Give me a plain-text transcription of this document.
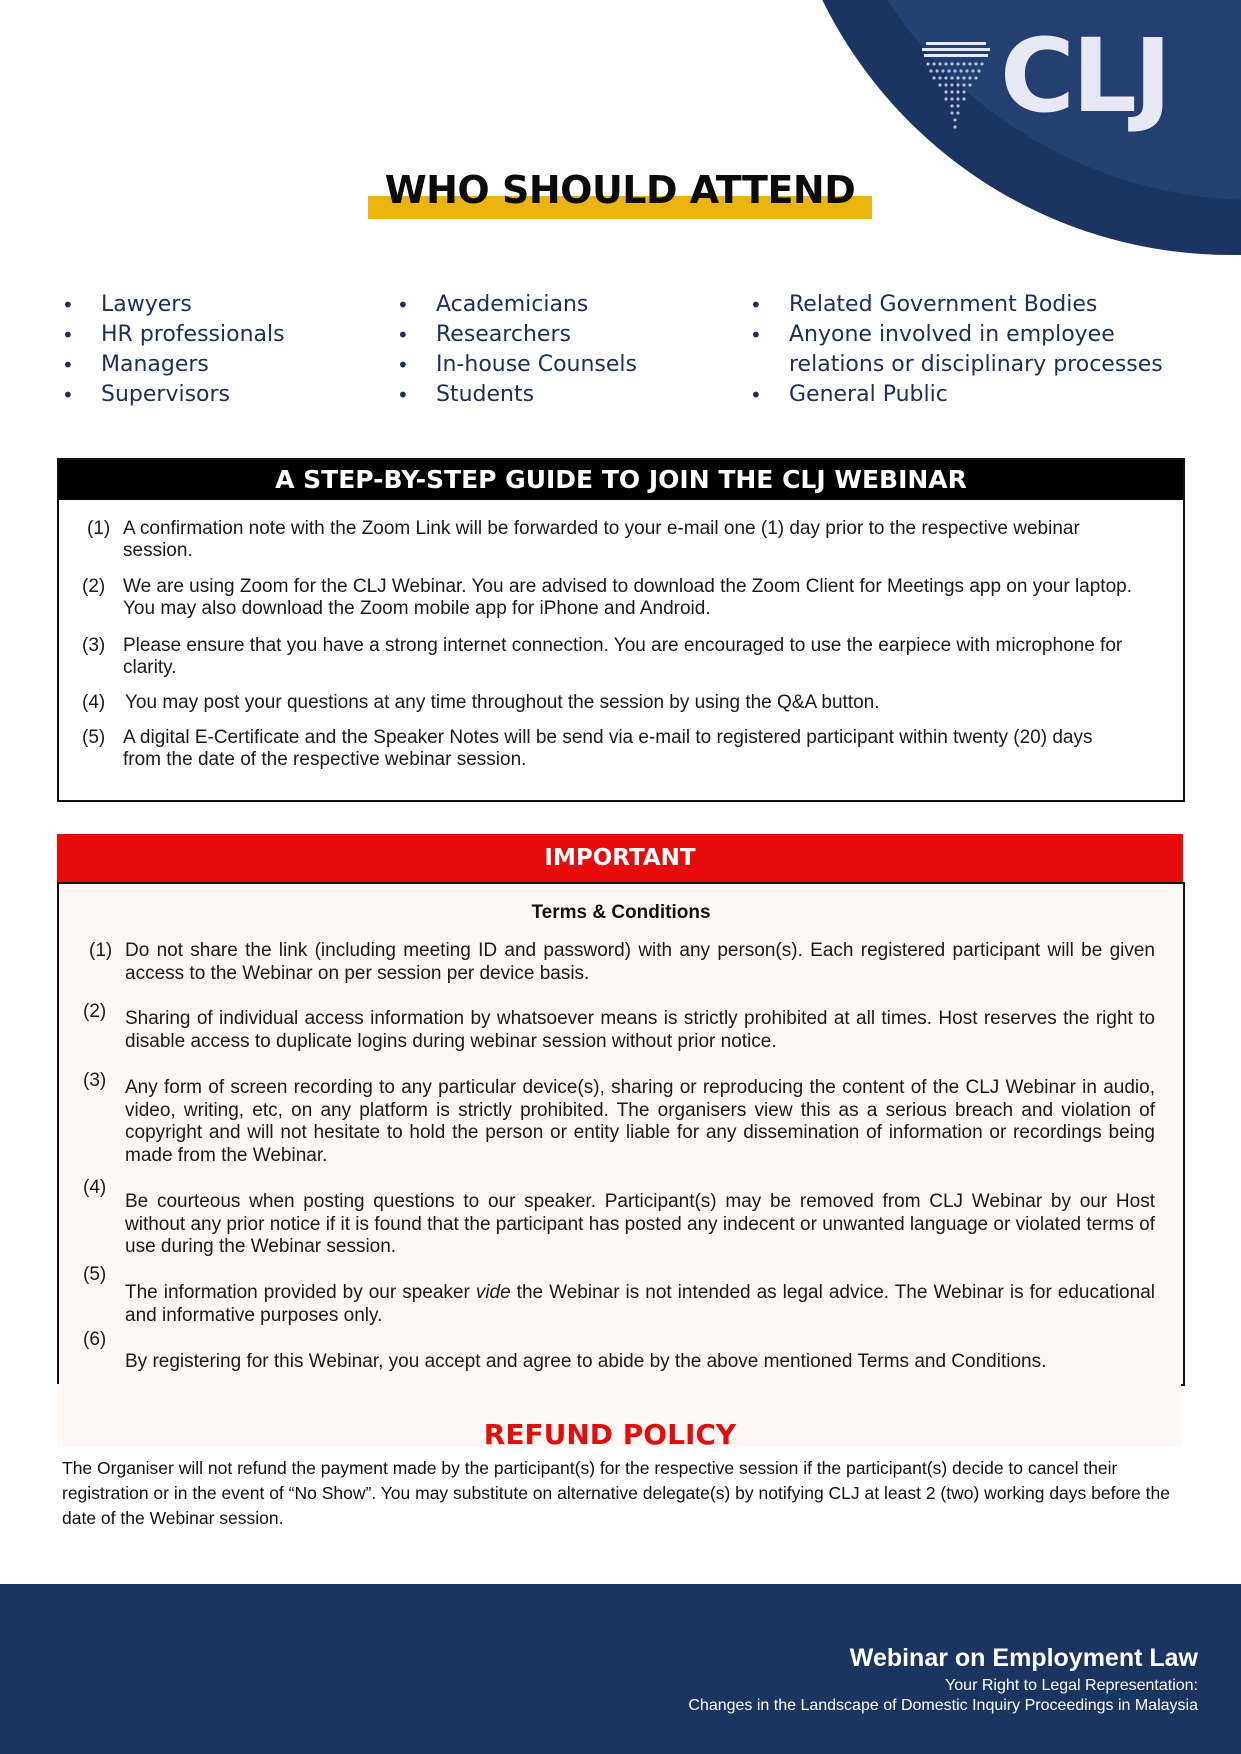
CLJ
WHO SHOULD ATTEND
• Lawyers
• HR professionals
• Managers
• Supervisors
• Academicians
• Researchers
• In-house Counsels
• Students
• Related Government Bodies
• Anyone involved in employee relations or disciplinary processes
• General Public
A STEP-BY-STEP GUIDE TO JOIN THE CLJ WEBINAR
(1) A confirmation note with the Zoom Link will be forwarded to your e-mail one (1) day prior to the respective webinar session.
(2) We are using Zoom for the CLJ Webinar. You are advised to download the Zoom Client for Meetings app on your laptop. You may also download the Zoom mobile app for iPhone and Android.
(3) Please ensure that you have a strong internet connection. You are encouraged to use the earpiece with microphone for clarity.
(4) You may post your questions at any time throughout the session by using the Q&A button.
(5) A digital E-Certificate and the Speaker Notes will be send via e-mail to registered participant within twenty (20) days from the date of the respective webinar session.
IMPORTANT
Terms & Conditions
(1) Do not share the link (including meeting ID and password) with any person(s). Each registered participant will be given access to the Webinar on per session per device basis.
(2) Sharing of individual access information by whatsoever means is strictly prohibited at all times. Host reserves the right to disable access to duplicate logins during webinar session without prior notice.
(3) Any form of screen recording to any particular device(s), sharing or reproducing the content of the CLJ Webinar in audio, video, writing, etc, on any platform is strictly prohibited. The organisers view this as a serious breach and violation of copyright and will not hesitate to hold the person or entity liable for any dissemination of information or recordings being made from the Webinar.
(4)
Be courteous when posting questions to our speaker. Participant(s) may be removed from CLJ Webinar by our Host without any prior notice if it is found that the participant has posted any indecent or unwanted language or violated terms of use during the Webinar session.
(5)
The information provided by our speaker vide the Webinar is not intended as legal advice. The Webinar is for educational and informative purposes only.
(6)
By registering for this Webinar, you accept and agree to abide by the above mentioned Terms and Conditions.
REFUND POLICY
The Organiser will not refund the payment made by the participant(s) for the respective session if the participant(s) decide to cancel their registration or in the event of “No Show”. You may substitute on alternative delegate(s) by notifying CLJ at least 2 (two) working days before the date of the Webinar session.
Webinar on Employment Law
Your Right to Legal Representation:
Changes in the Landscape of Domestic Inquiry Proceedings in Malaysia
